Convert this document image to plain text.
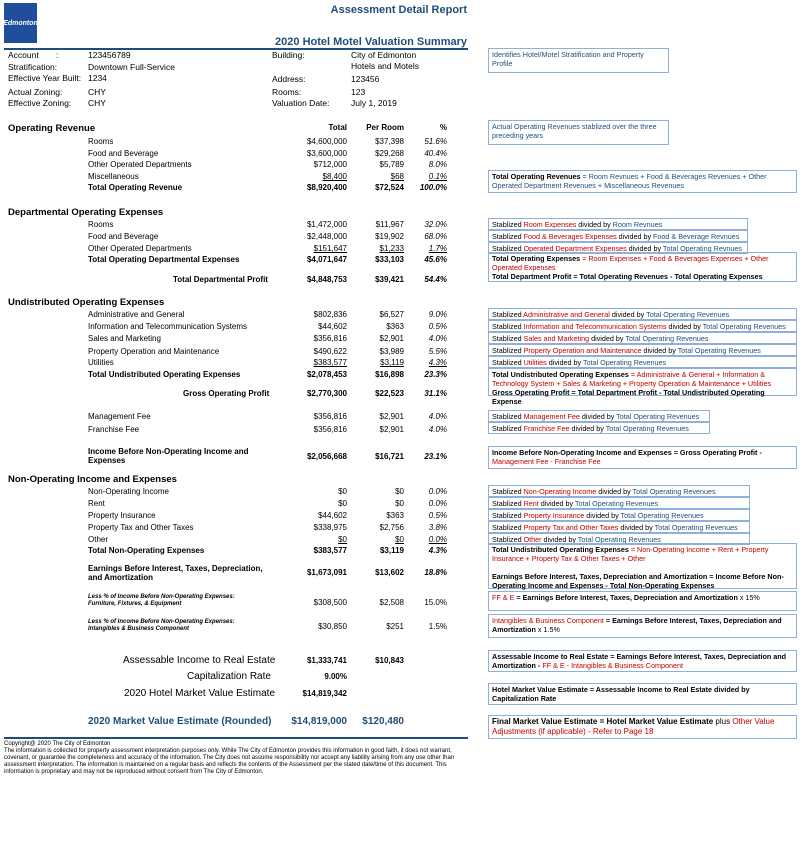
Edmonton
Assessment Detail Report
2020 Hotel Motel Valuation Summary
Account :	123456789
Stratification:	Downtown Full-Service
Effective Year Built: 1234
Actual Zoning:	CHY
Effective Zoning: CHY
Building:	City of Edmonton
Hotels and Motels
Address:	123456
Rooms:	123
Valuation Date:	July 1, 2019
Total	Per Room	%
Operating Revenue
Departmental Operating Expenses
Undistributed Operating Expenses
Non-Operating Income and Expenses
Rooms	$4,600,000	$37,398	51.6%
Food and Beverage	$3,600,000	$29,268	40.4%
Other Operated Departments	$712,000	$5,789	8.0%
Miscellaneous	$8,400	$68	0.1%
Total Operating Revenue	$8,920,400	$72,524	100.0%
Rooms	$1,472,000	$11,967	32.0%
Food and Beverage	$2,448,000	$19,902	68.0%
Other Operated Departments	$151,647	$1,233	1.7%
Total Operating Departmental Expenses	$4,071,647	$33,103	45.6%
Total Departmental Profit	$4,848,753	$39,421	54.4%
Administrative and General	$802,836	$6,527	9.0%
Information and Telecommunication Systems	$44,602	$363	0.5%
Sales and Marketing	$356,816	$2,901	4.0%
Property Operation and Maintenance	$490,622	$3,989	5.5%
Utilities	$383,577	$3,119	4.3%
Total Undistributed Operating Expenses	$2,078,453	$16,898	23.3%
Gross Operating Profit	$2,770,300	$22,523	31.1%
Management Fee	$356,816	$2,901	4.0%
Franchise Fee	$356,816	$2,901	4.0%
Non-Operating Income	$0	$0	0.0%
Rent	$0	$0	0.0%
Property Insurance	$44,602	$363	0.5%
Property Tax and Other Taxes	$338,975	$2,756	3.8%
Other	$0	$0	0.0%
Total Non-Operating Expenses	$383,577	$3,119	4.3%
Income Before Non-Operating Income and
Expenses	$2,056,668	$16,721	23.1%
Earnings Before Interest, Taxes, Depreciation,
and Amortization
$1,673,091	$13,602	18.8%
Less % of Income Before Non-Operating Expenses:
Furniture, Fixtures, & Equipment	$308,500	$2,508	15.0%
Less % of Income Before Non-Operating Expenses:
Intangibles & Business Component	$30,850	$251	1.5%
Assessable Income to Real Estate	$1,333,741	$10,843
Capitalization Rate	9.00%
2020 Hotel Market Value Estimate	$14,819,342
2020 Market Value Estimate (Rounded)	$14,819,000	$120,480
Copyright@ 2020 The City of Edmonton
The information is collected for property assessment interpretation purposes only. While The City of Edmonton provides this information in good faith, it does not warrant, covenant, or guarantee the completeness and accuracy of the information. The City does not assume responsibility nor accept any liability arising from any use other than assessment interpretation. The information is maintained on a regular basis and reflects the contents of the Assessment per the stated date/time of this document. This information is proprietary and may not be reproduced without consent from The City of Edmonton.
Identifies Hotel/Motel Stratification and Property Profile
Actual Operating Revenues stablized over the three preceding years
Total Operating Revenues = Room Revnues + Food & Beverages Revenues + Other Operated Department Revenues + Miscellaneous Revenues
Stablized Room Expenses divided by Room Revnues
Stablized Food & Beverages Expenses divided by Food & Beverage Revnues
Stablized Operated Department Expenses divided by Total Operating Revnues
Stablized Administrative and General divided by Total Operating Revenues
Stablized Information and Telecommunication Systems divided by Total Operating Revenues
Stablized Sales and Marketing divided by Total Operating Revenues
Stablized Property Operation and Maintenance divided by Total Operating Revenues
Stablized Utilities divided by Total Operating Revenues
Stablized Management Fee divided by Total Operating Revenues
Stablized Franchise Fee divided by Total Operating Revenues
Stablized Non-Operating Income divided by Total Operating Revenues
Stablized Rent divided by Total Operating Revenues
Stablized Property Insurance divided by Total Operating Revenues
Stablized Property Tax and Other Taxes divided by Total Operating Revenues
Stablized Other divided by Total Operating Revenues
Total Operating Expenses = Room Expenses + Food & Beverages Expenses + Other Operated Expenses
Total Department Profit = Total Operating Revenues - Total Operating Expenses
Total Undistributed Operating Expenses = Administraive & General + Information & Technology System + Sales & Marketing + Property Operation & Maintenance + Utilities
Gross Operating Profit = Total Department Profit - Total Undistributed Operating Expense
Income Before Non-Operating Income and Expenses = Gross Operating Profit - Management Fee - Franchise Fee
Total Undistributed Operating Expenses = Non-Operating Income + Rent + Property Insurance + Property Tax & Other Taxes + Other

Earnings Before Interest, Taxes, Depreciation and Amortization = Income Before Non-Operating Income and Expenses - Total Non-Operating Expenses
FF & E = Earnings Before Interest, Taxes, Depreciation and Amortization x 15%
Intangibles & Business Component = Earnings Before Interest, Taxes, Depreciation and Amortization x 1.5%
Assessable Income to Real Estate = Earnings Before Interest, Taxes, Depreciation and Amortization - FF & E - Intangibles & Business Component
Hotel Market Value Estimate = Assessable Income to Real Estate divided by Capitalization Rate
Final Market Value Estimate = Hotel Market Value Estimate plus Other Value Adjustments (if applicable) - Refer to Page 18
